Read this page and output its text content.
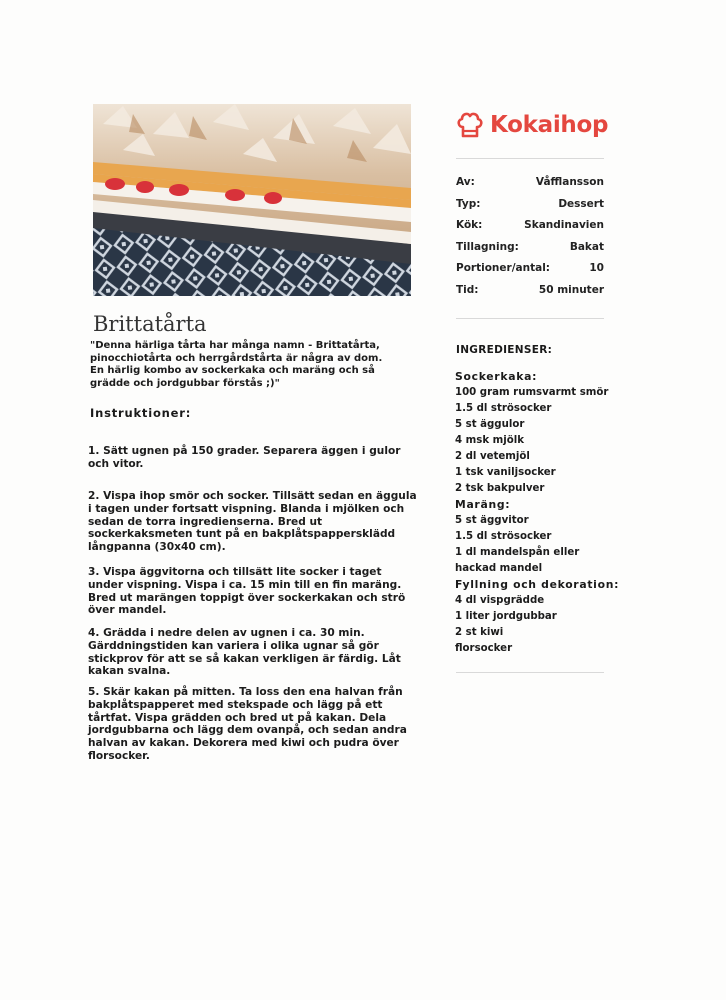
Kokaihop
Av:	Våfflansson
Typ:	Dessert
Kök:	Skandinavien
Tillagning:	Bakat
Portioner/antal:	10
Tid:	50 minuter
Brittatårta

"Denna härliga tårta har många namn - Brittatårta, pinocchiotårta och herrgårdstårta är några av dom. En härlig kombo av sockerkaka och maräng och så grädde och jordgubbar förstås ;)"

Instruktioner:

1. Sätt ugnen på 150 grader. Separera äggen i gulor och vitor.

2. Vispa ihop smör och socker. Tillsätt sedan en äggula i tagen under fortsatt vispning. Blanda i mjölken och sedan de torra ingredienserna. Bred ut sockerkaksmeten tunt på en bakplåtspappersklädd långpanna (30x40 cm).

3. Vispa äggvitorna och tillsätt lite socker i taget under vispning. Vispa i ca. 15 min till en fin maräng. Bred ut marängen toppigt över sockerkakan och strö över mandel.

4. Grädda i nedre delen av ugnen i ca. 30 min. Gärddningstiden kan variera i olika ugnar så gör stickprov för att se så kakan verkligen är färdig. Låt kakan svalna.

5. Skär kakan på mitten. Ta loss den ena halvan från bakplåtspapperet med stekspade och lägg på ett tårtfat. Vispa grädden och bred ut på kakan. Dela jordgubbarna och lägg dem ovanpå, och sedan andra halvan av kakan. Dekorera med kiwi och pudra över florsocker.

INGREDIENSER:

Sockerkaka:
100 gram rumsvarmt smör
1.5 dl strösocker
5 st äggulor
4 msk mjölk
2 dl vetemjöl
1 tsk vaniljsocker
2 tsk bakpulver
Maräng:
5 st äggvitor
1.5 dl strösocker
1 dl mandelspån eller hackad mandel
Fyllning och dekoration:
4 dl vispgrädde
1 liter jordgubbar
2 st kiwi
florsocker
